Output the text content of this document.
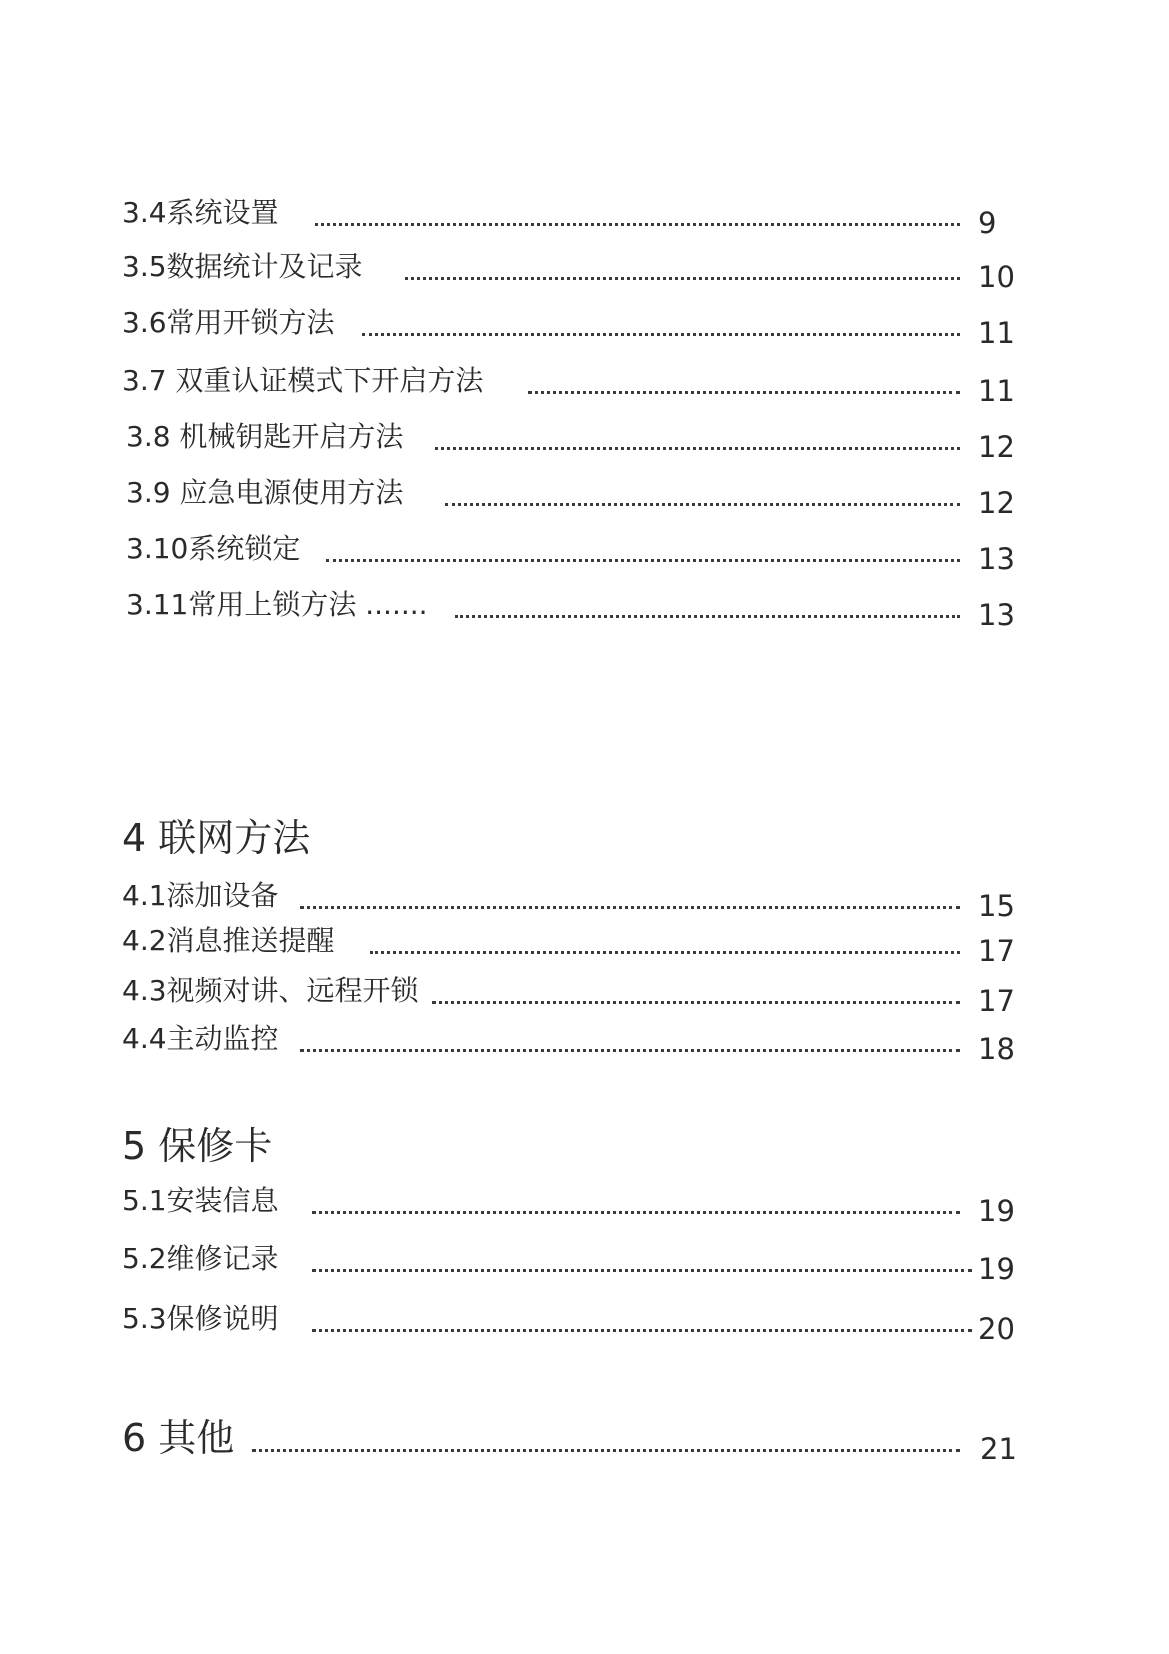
3.4系统设置	9
3.5数据统计及记录	10
3.6常用开锁方法	11
3.7 双重认证模式下开启方法	11
3.8 机械钥匙开启方法	12
3.9 应急电源使用方法	12
3.10系统锁定	13
3.11常用上锁方法 .......	13
4 联网方法
4.1添加设备	15
4.2消息推送提醒	17
4.3视频对讲、远程开锁	17
4.4主动监控	18
5 保修卡
5.1安装信息	19
5.2维修记录	19
5.3保修说明	20
6 其他	21
